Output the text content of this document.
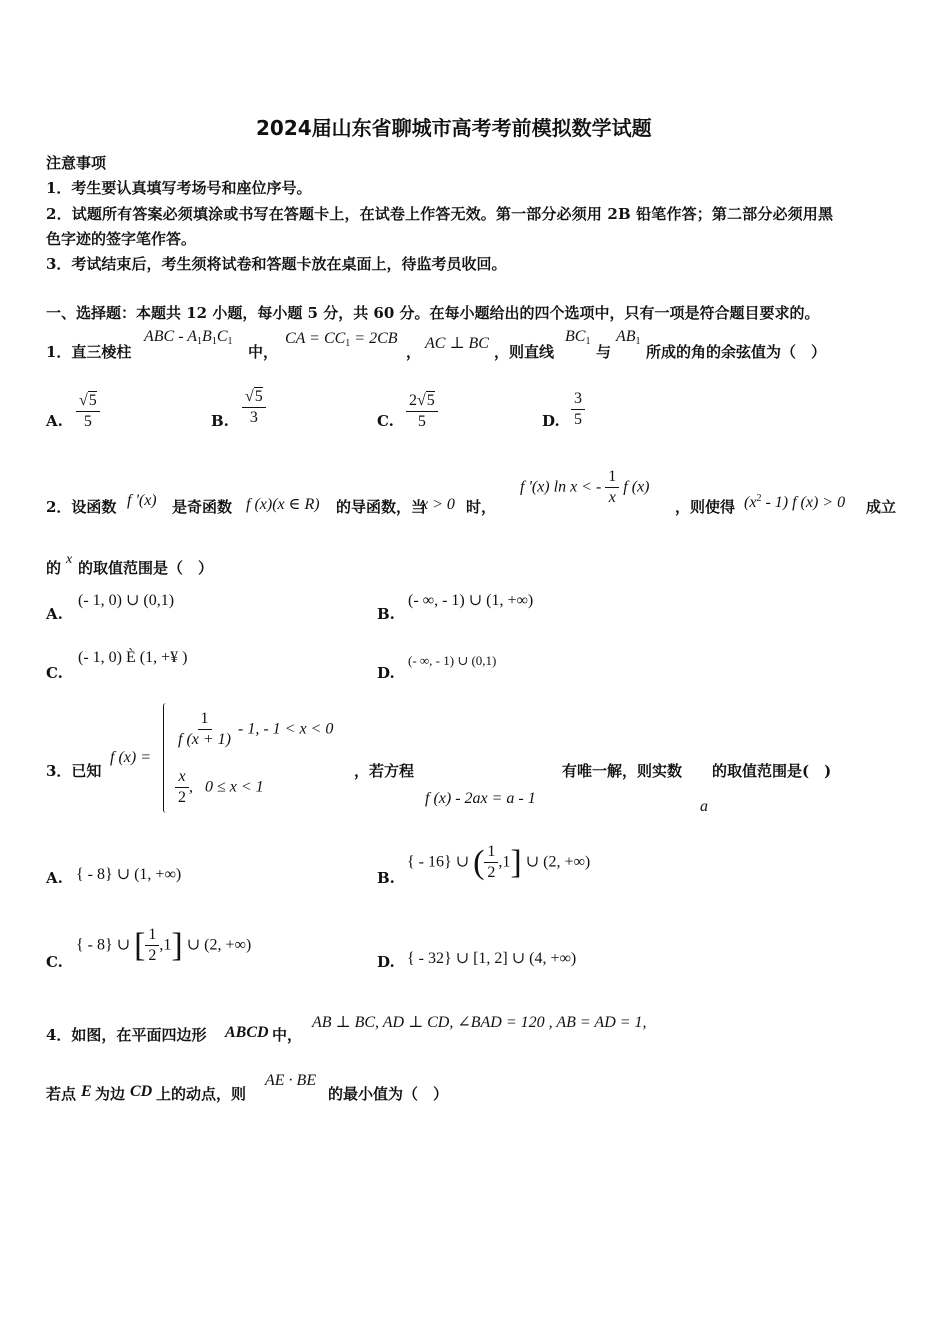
2024届山东省聊城市高考考前模拟数学试题
注意事项
1．考生要认真填写考场号和座位序号。
2．试题所有答案必须填涂或书写在答题卡上，在试卷上作答无效。第一部分必须用 2B 铅笔作答；第二部分必须用黑
色字迹的签字笔作答。
3．考试结束后，考生须将试卷和答题卡放在桌面上，待监考员收回。
一、选择题：本题共 12 小题，每小题 5 分，共 60 分。在每小题给出的四个选项中，只有一项是符合题目要求的。
1．直三棱柱
ABC - $A_1B_1C_1$
中，
CA = $CC_1 = 2CB$
， AC ⊥ BC ，则直线
$BC_1$
与
$AB_1$
所成的角的余弦值为（　）
A. $\frac{√5}{5}$	B. $\frac{√5}{3}$	C. $\frac{2√5}{5}$	D. $\frac{3}{5}$
2．设函数 f '(x) 是奇函数 f (x)(x ∈ R) 的导函数，当
x > 0 时，
f '(x) ln x < - $\frac{1}{x}$ f (x)
，则使得 $(x^2 - 1)$ f (x) > 0 成立
的 x 的取值范围是（　）
A.
(- 1, 0) ∪ (0,1)
B.
(- ∞, - 1) ∪ (1, +∞)
C.
(- 1, 0) È (1, +¥ )
D.
(- ∞, - 1) ∪ (0,1)
3．已知
f (x) =
$\frac{1}{f (x + 1)} - 1$, - 1 < x < 0
$\frac{x}{2}$ ,   0 ≤ x < 1
，若方程
f (x) - 2ax = a - 1
有唯一解，则实数
a
的取值范围是(　)
A. { - 8} ∪ (1, +∞)	B.
{ - 16} ∪ ( $\frac{1}{2} ,1$] ∪ (2, +∞)
C.
{ - 8} ∪ [ $\frac{1}{2} ,1$] ∪ (2, +∞)
D. { - 32} ∪ [1, 2] ∪ (4, +∞)
4．如图，在平面四边形 ABCD 中，
AB ⊥ BC, AD ⊥ CD, ∠BAD = 120 , AB = AD = 1,
若点 E 为边 CD 上的动点，则
AE · BE
的最小值为（　）
